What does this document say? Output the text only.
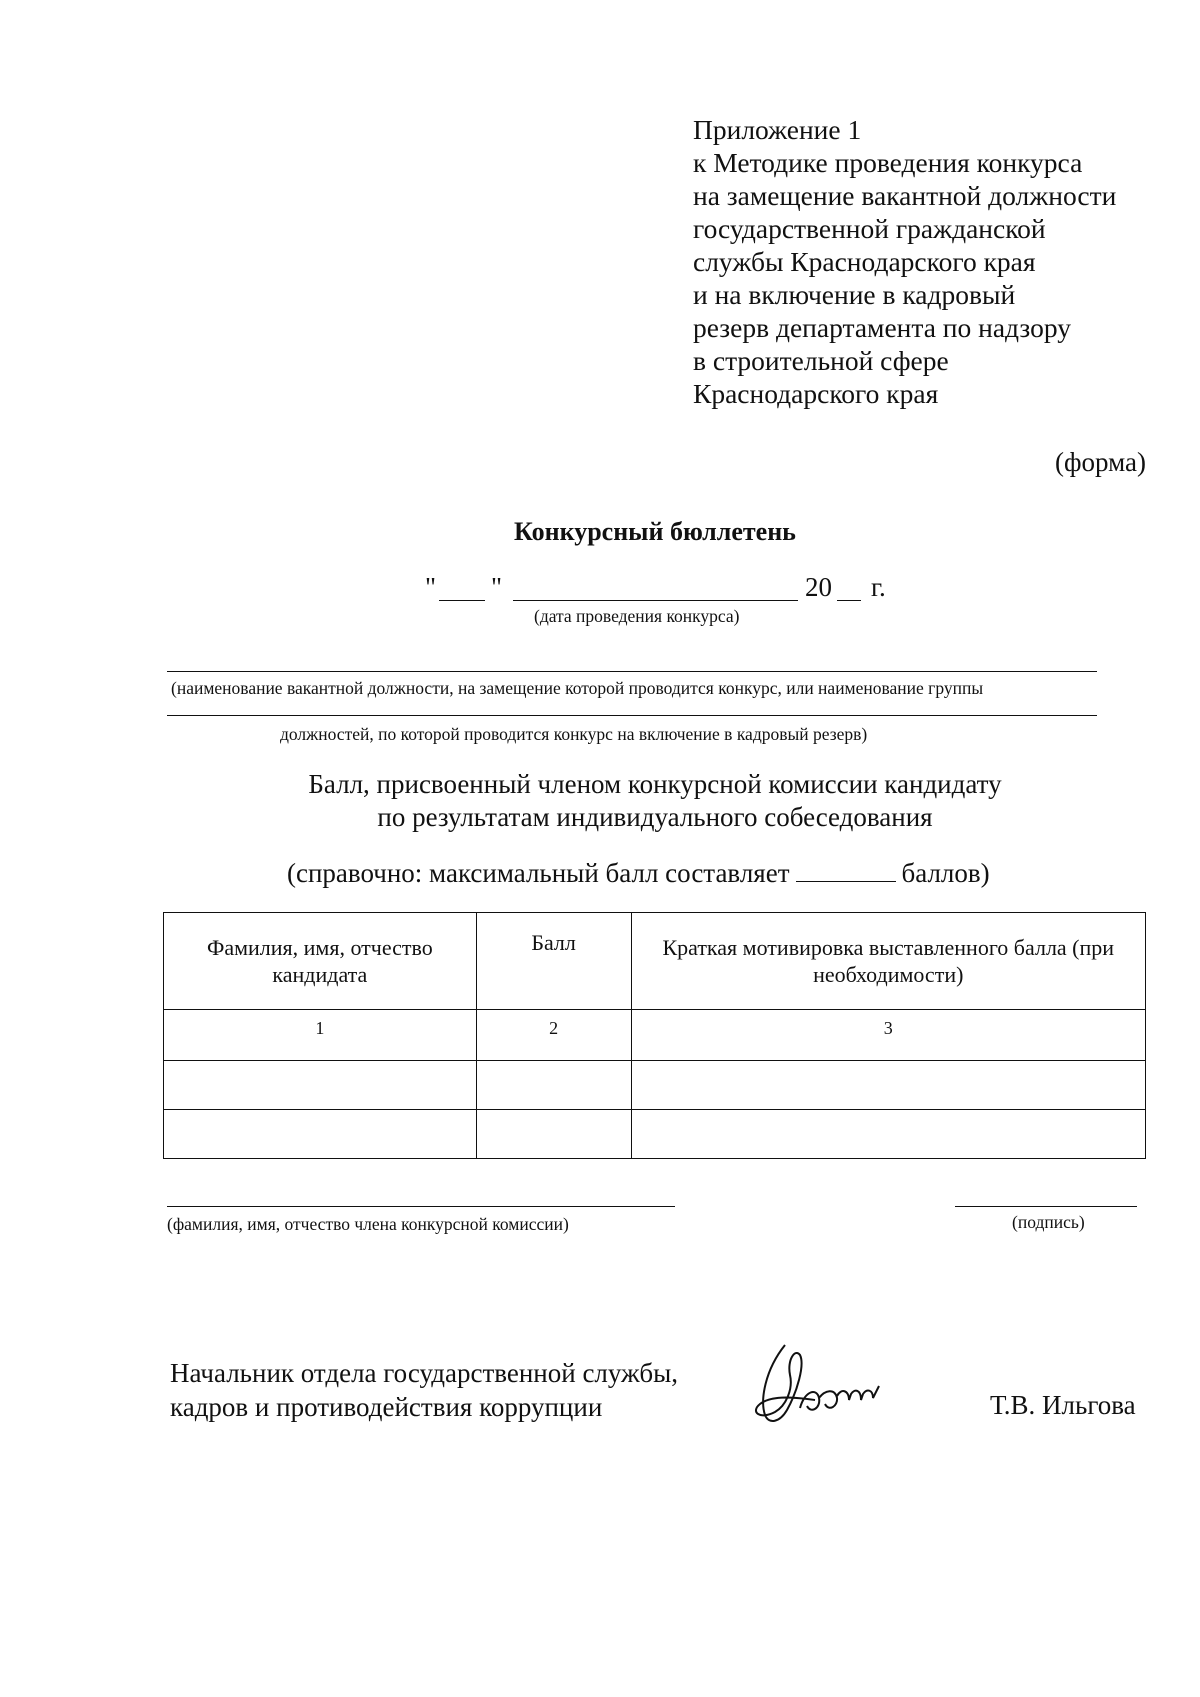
Приложение 1
к Методике проведения конкурса
на замещение вакантной должности
государственной гражданской
службы Краснодарского края
и на включение в кадровый
резерв департамента по надзору
в строительной сфере
Краснодарского края
(форма)
Конкурсный бюллетень
" "	20 г.
(дата проведения конкурса)
(наименование вакантной должности, на замещение которой проводится конкурс, или наименование группы
должностей, по которой проводится конкурс на включение в кадровый резерв)
Балл, присвоенный членом конкурсной комиссии кандидату
по результатам индивидуального собеседования
(справочно: максимальный балл составляет	баллов)
Фамилия, имя, отчество кандидата	Балл	Краткая мотивировка выставленного балла (при необходимости)
1	2	3

(фамилия, имя, отчество члена конкурсной комиссии)	(подпись)
Начальник отдела государственной службы,
кадров и противодействия коррупции	Т.В. Ильгова
